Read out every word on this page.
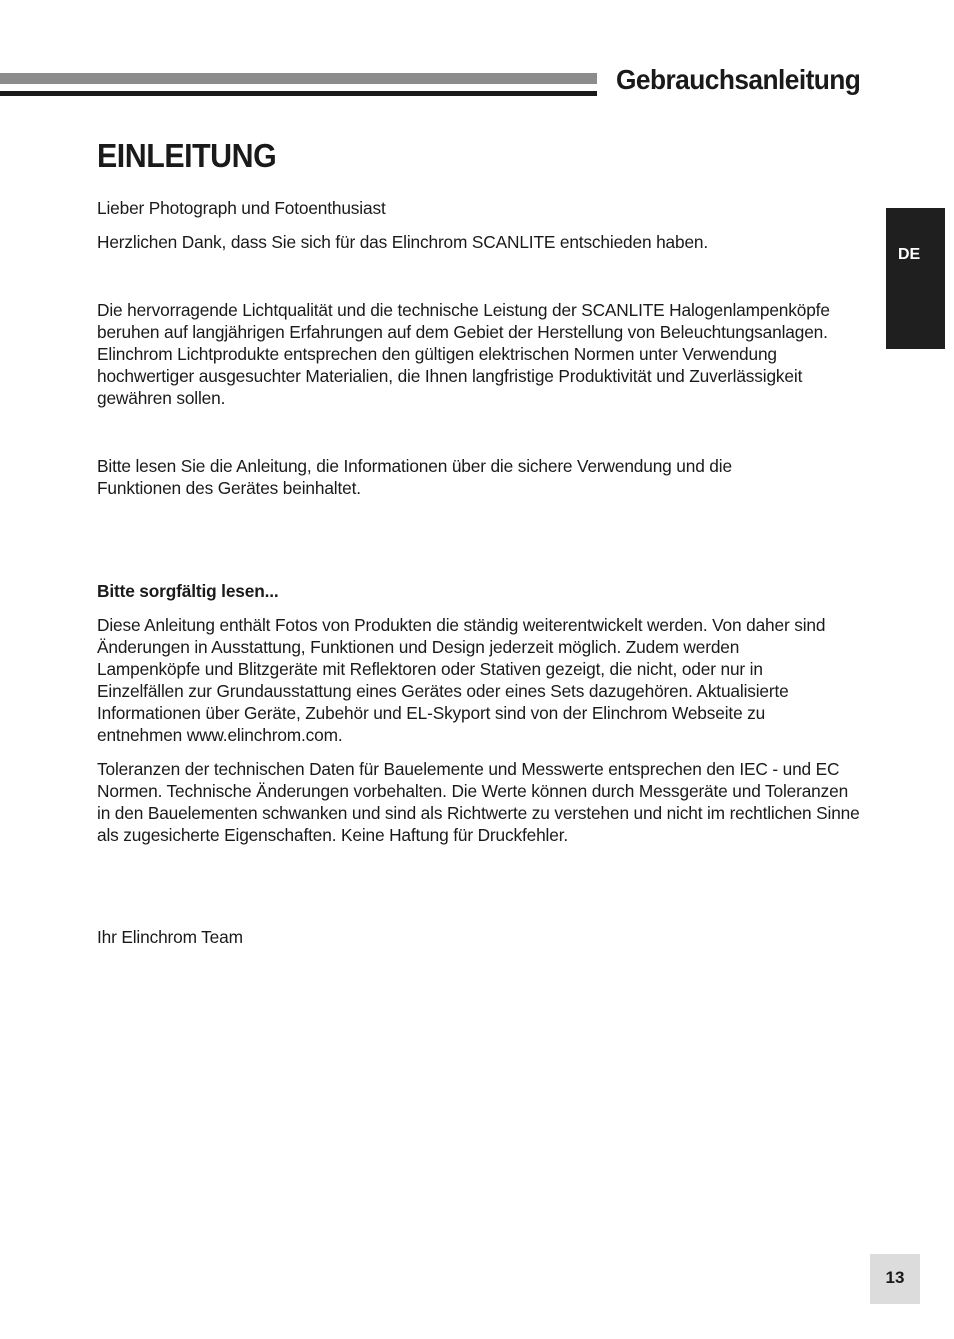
Gebrauchsanleitung
EINLEITUNG
DE

Lieber Photograph und Fotoenthusiast

Herzlichen Dank, dass Sie sich für das Elinchrom SCANLITE entschieden haben.

Die hervorragende Lichtqualität und die technische Leistung der SCANLITE Halogenlampenköpfe beruhen auf langjährigen Erfahrungen auf dem Gebiet der Herstellung von Beleuchtungsanlagen. Elinchrom Lichtprodukte entsprechen den gültigen elektrischen Normen unter Verwendung hochwertiger ausgesuchter Materialien, die Ihnen langfristige Produktivität und Zuverlässigkeit gewähren sollen.

Bitte lesen Sie die Anleitung, die Informationen über die sichere Verwendung und die Funktionen des Gerätes beinhaltet.

Bitte sorgfältig lesen...

Diese Anleitung enthält Fotos von Produkten die ständig weiterentwickelt werden. Von daher sind Änderungen in Ausstattung, Funktionen und Design jederzeit möglich. Zudem werden Lampenköpfe und Blitzgeräte mit Reflektoren oder Stativen gezeigt, die nicht, oder nur in Einzelfällen zur Grundausstattung eines Gerätes oder eines Sets dazugehören. Aktualisierte Informationen über Geräte, Zubehör und EL-Skyport sind von der Elinchrom Webseite zu entnehmen www.elinchrom.com.

Toleranzen der technischen Daten für Bauelemente und Messwerte entsprechen den IEC - und EC Normen. Technische Änderungen vorbehalten. Die Werte können durch Messgeräte und Toleranzen in den Bauelementen schwanken und sind als Richtwerte zu verstehen und nicht im rechtlichen Sinne als zugesicherte Eigenschaften. Keine Haftung für Druckfehler.

Ihr Elinchrom Team

13
